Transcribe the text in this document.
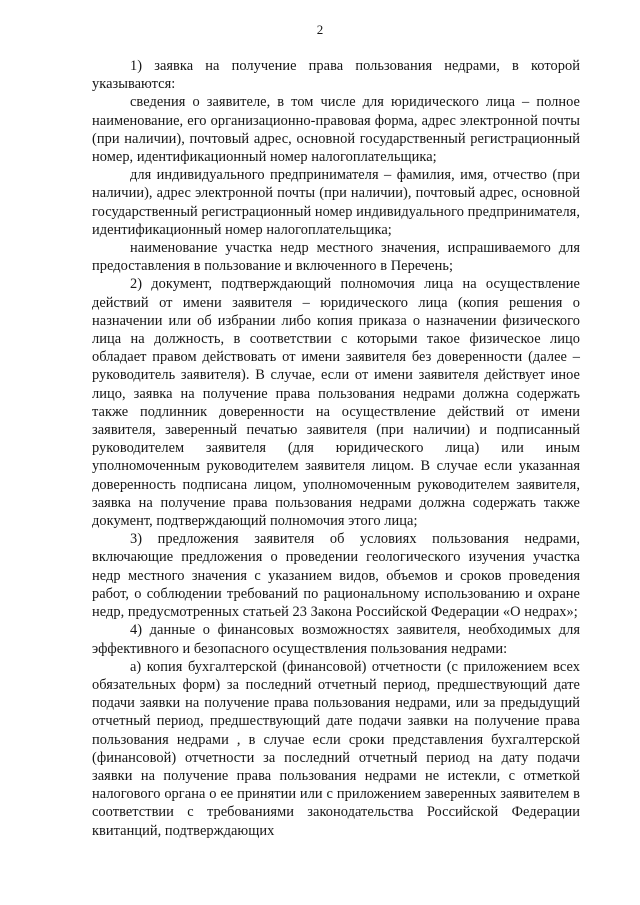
2

1) заявка на получение права пользования недрами, в которой указываются:

сведения о заявителе, в том числе для юридического лица – полное наименование, его организационно-правовая форма, адрес электронной почты (при наличии), почтовый адрес, основной государственный регистрационный номер, идентификационный номер налогоплательщика;

для индивидуального предпринимателя – фамилия, имя, отчество (при наличии), адрес электронной почты (при наличии), почтовый адрес, основной государственный регистрационный номер индивидуального предпринимателя, идентификационный номер налогоплательщика;

наименование участка недр местного значения, испрашиваемого для предоставления в пользование и включенного в Перечень;

2) документ, подтверждающий полномочия лица на осуществление действий от имени заявителя – юридического лица (копия решения о назначении или об избрании либо копия приказа о назначении физического лица на должность, в соответствии с которыми такое физическое лицо обладает правом действовать от имени заявителя без доверенности (далее – руководитель заявителя). В случае, если от имени заявителя действует иное лицо, заявка на получение права пользования недрами должна содержать также подлинник доверенности на осуществление действий от имени заявителя, заверенный печатью заявителя (при наличии) и подписанный руководителем заявителя (для юридического лица) или иным уполномоченным руководителем заявителя лицом. В случае если указанная доверенность подписана лицом, уполномоченным руководителем заявителя, заявка на получение права пользования недрами должна содержать также документ, подтверждающий полномочия этого лица;

3) предложения заявителя об условиях пользования недрами, включающие предложения о проведении геологического изучения участка недр местного значения с указанием видов, объемов и сроков проведения работ, о соблюдении требований по рациональному использованию и охране недр, предусмотренных статьей 23 Закона Российской Федерации «О недрах»;

4) данные о финансовых возможностях заявителя, необходимых для эффективного и безопасного осуществления пользования недрами:

а) копия бухгалтерской (финансовой) отчетности (с приложением всех обязательных форм) за последний отчетный период, предшествующий дате подачи заявки на получение права пользования недрами, или за предыдущий отчетный период, предшествующий дате подачи заявки на получение права пользования недрами , в случае если сроки представления бухгалтерской (финансовой) отчетности за последний отчетный период на дату подачи заявки на получение права пользования недрами не истекли, с отметкой налогового органа о ее принятии или с приложением заверенных заявителем в соответствии с требованиями законодательства Российской Федерации квитанций, подтверждающих
